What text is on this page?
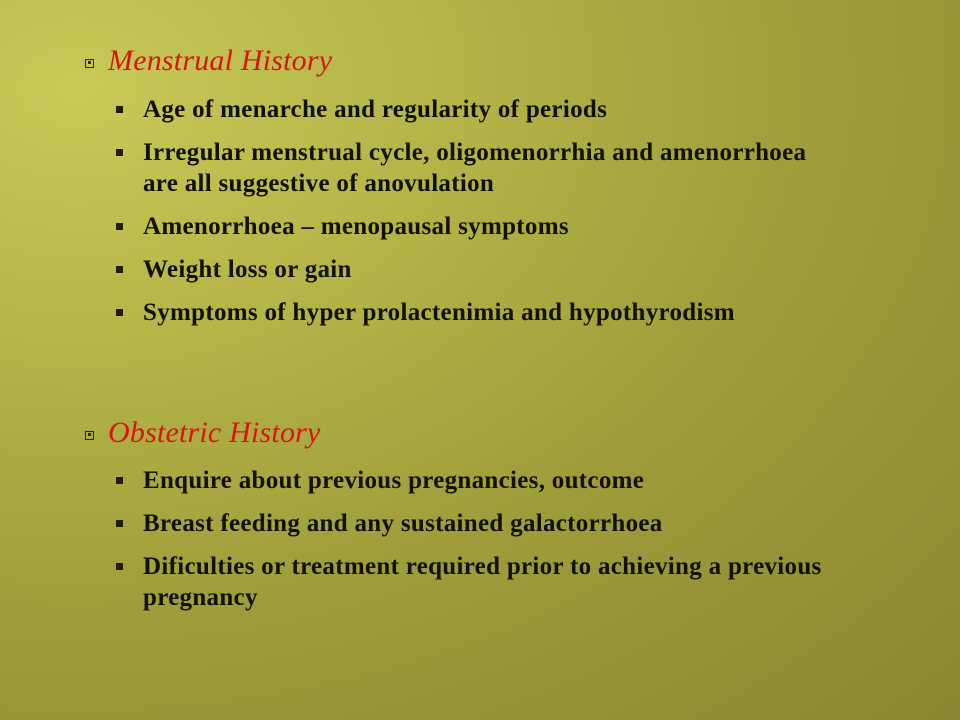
Menstrual History
Age of menarche and regularity of periods
Irregular menstrual cycle, oligomenorrhia and amenorrhoea are all suggestive of anovulation
Amenorrhoea – menopausal symptoms
Weight loss or gain
Symptoms of hyper prolactenimia and hypothyrodism
Obstetric History
Enquire about previous pregnancies, outcome
Breast feeding and any sustained galactorrhoea
Dificulties or treatment required prior to achieving a previous pregnancy
